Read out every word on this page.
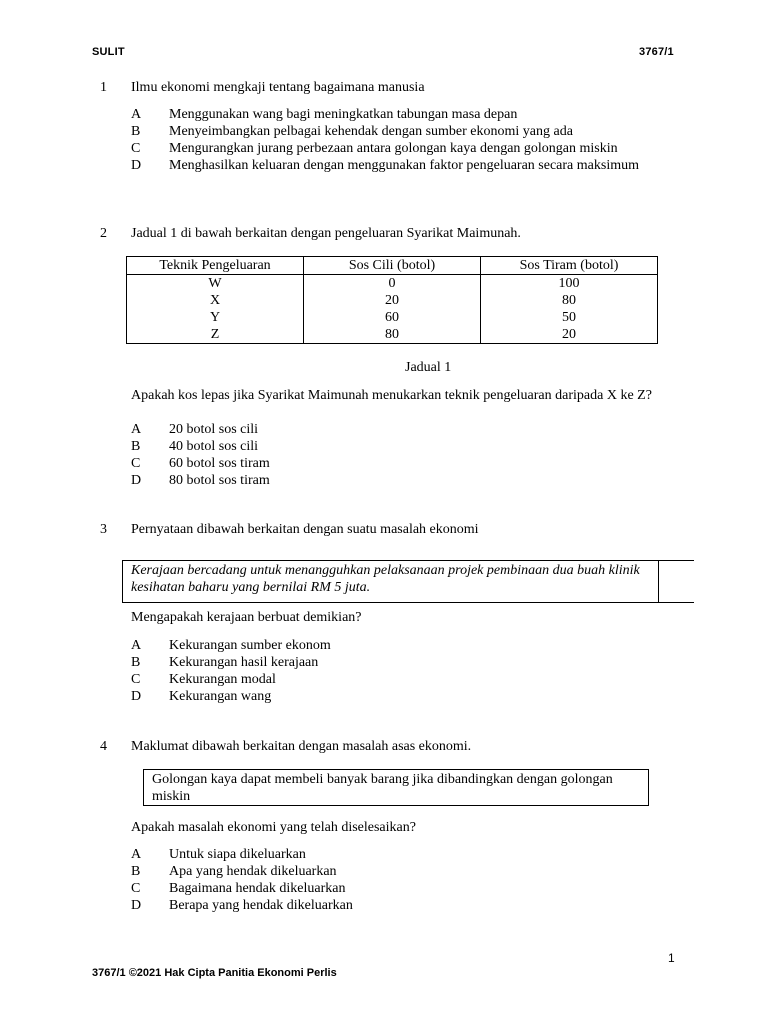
SULIT	3767/1
1 Ilmu ekonomi mengkaji tentang bagaimana manusia
A Menggunakan wang bagi meningkatkan tabungan masa depan
B Menyeimbangkan pelbagai kehendak dengan sumber ekonomi yang ada
C Mengurangkan jurang perbezaan antara golongan kaya dengan golongan miskin
D Menghasilkan keluaran dengan menggunakan faktor pengeluaran secara maksimum
2 Jadual 1 di bawah berkaitan dengan pengeluaran Syarikat Maimunah.
Teknik Pengeluaran	Sos Cili (botol)	Sos Tiram (botol)
W	0	100
X	20	80
Y	60	50
Z	80	20
Jadual 1
Apakah kos lepas jika Syarikat Maimunah menukarkan teknik pengeluaran daripada X ke Z?
A 20 botol sos cili
B 40 botol sos cili
C 60 botol sos tiram
D 80 botol sos tiram
3 Pernyataan dibawah berkaitan dengan suatu masalah ekonomi
Kerajaan bercadang untuk menangguhkan pelaksanaan projek pembinaan dua buah klinik kesihatan baharu yang bernilai RM 5 juta.
Mengapakah kerajaan berbuat demikian?
A Kekurangan sumber ekonom
B Kekurangan hasil kerajaan
C Kekurangan modal
D Kekurangan wang
4 Maklumat dibawah berkaitan dengan masalah asas ekonomi.
Golongan kaya dapat membeli banyak barang jika dibandingkan dengan golongan miskin
Apakah masalah ekonomi yang telah diselesaikan?
A Untuk siapa dikeluarkan
B Apa yang hendak dikeluarkan
C Bagaimana hendak dikeluarkan
D Berapa yang hendak dikeluarkan
1
3767/1 ©2021 Hak Cipta Panitia Ekonomi Perlis
